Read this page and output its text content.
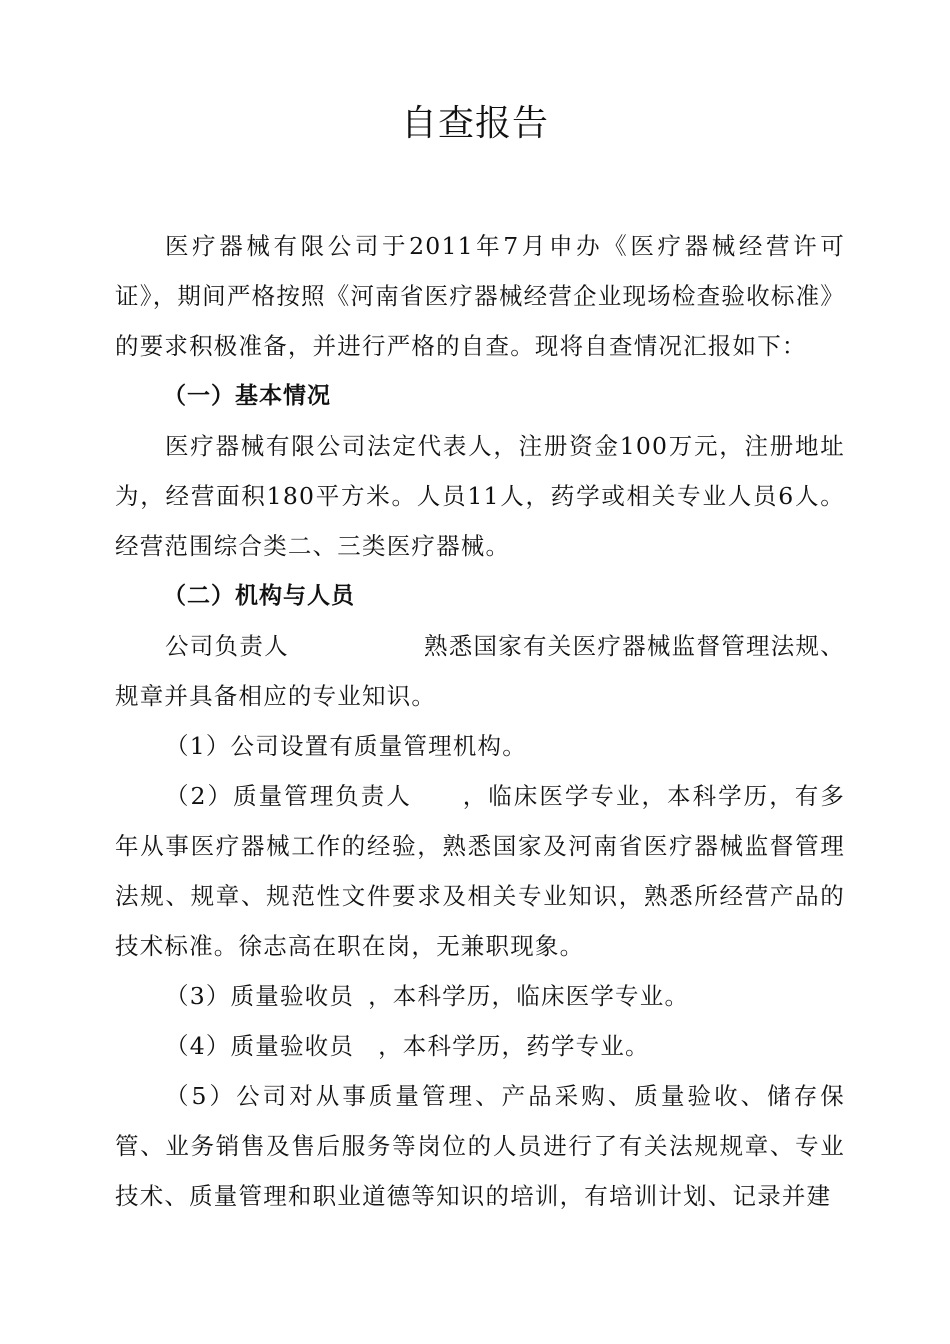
自查报告

医疗器械有限公司于2011年7月申办《医疗器械经营许可证》，期间严格按照《河南省医疗器械经营企业现场检查验收标准》的要求积极准备，并进行严格的自查。现将自查情况汇报如下：

（一）基本情况

医疗器械有限公司法定代表人，注册资金100万元，注册地址为，经营面积180平方米。人员11人，药学或相关专业人员6人。经营范围综合类二、三类医疗器械。

（二）机构与人员

公司负责人	熟悉国家有关医疗器械监督管理法规、规章并具备相应的专业知识。

（1）公司设置有质量管理机构。

（2）质量管理负责人 ，临床医学专业，本科学历，有多年从事医疗器械工作的经验，熟悉国家及河南省医疗器械监督管理法规、规章、规范性文件要求及相关专业知识，熟悉所经营产品的技术标准。徐志高在职在岗，无兼职现象。

（3）质量验收员 ，本科学历，临床医学专业。

（4）质量验收员 ，本科学历，药学专业。

（5）公司对从事质量管理、产品采购、质量验收、储存保管、业务销售及售后服务等岗位的人员进行了有关法规规章、专业技术、质量管理和职业道德等知识的培训，有培训计划、记录并建
